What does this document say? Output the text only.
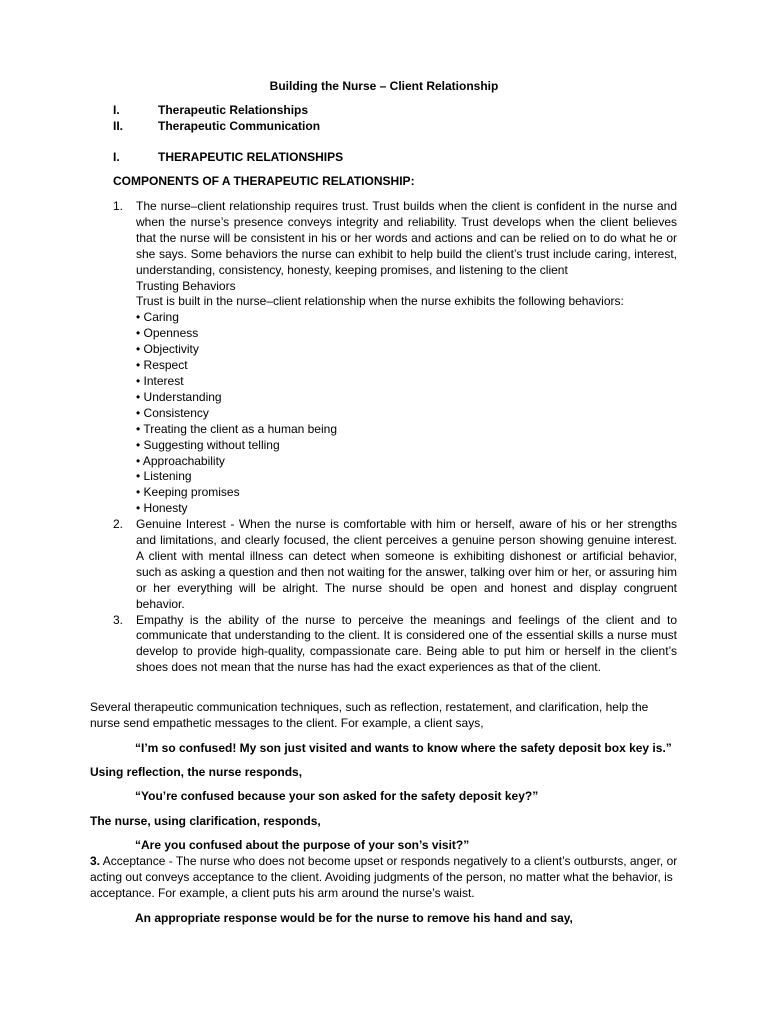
Building the Nurse – Client Relationship
I.	Therapeutic Relationships
II.	Therapeutic Communication
I.	THERAPEUTIC RELATIONSHIPS
COMPONENTS OF A THERAPEUTIC RELATIONSHIP:
1.	The nurse–client relationship requires trust. Trust builds when the client is confident in the nurse and when the nurse’s presence conveys integrity and reliability. Trust develops when the client believes that the nurse will be consistent in his or her words and actions and can be relied on to do what he or she says. Some behaviors the nurse can exhibit to help build the client’s trust include caring, interest, understanding, consistency, honesty, keeping promises, and listening to the client

Trusting Behaviors

Trust is built in the nurse–client relationship when the nurse exhibits the following behaviors:

• Caring
• Openness
• Objectivity
• Respect
• Interest
• Understanding
• Consistency
• Treating the client as a human being
• Suggesting without telling
• Approachability
• Listening
• Keeping promises
• Honesty
2.	Genuine Interest - When the nurse is comfortable with him or herself, aware of his or her strengths and limitations, and clearly focused, the client perceives a genuine person showing genuine interest. A client with mental illness can detect when someone is exhibiting dishonest or artificial behavior, such as asking a question and then not waiting for the answer, talking over him or her, or assuring him or her everything will be alright. The nurse should be open and honest and display congruent behavior.

3.	Empathy is the ability of the nurse to perceive the meanings and feelings of the client and to communicate that understanding to the client. It is considered one of the essential skills a nurse must develop to provide high-quality, compassionate care. Being able to put him or herself in the client’s shoes does not mean that the nurse has had the exact experiences as that of the client.

Several therapeutic communication techniques, such as reflection, restatement, and clarification, help the nurse send empathetic messages to the client. For example, a client says,
“I’m so confused! My son just visited and wants to know where the safety deposit box key is.”
Using reflection, the nurse responds,
“You’re confused because your son asked for the safety deposit key?”
The nurse, using clarification, responds,
“Are you confused about the purpose of your son’s visit?”
3. Acceptance - The nurse who does not become upset or responds negatively to a client’s outbursts, anger, or acting out conveys acceptance to the client. Avoiding judgments of the person, no matter what the behavior, is acceptance. For example, a client puts his arm around the nurse’s waist.
An appropriate response would be for the nurse to remove his hand and say,
